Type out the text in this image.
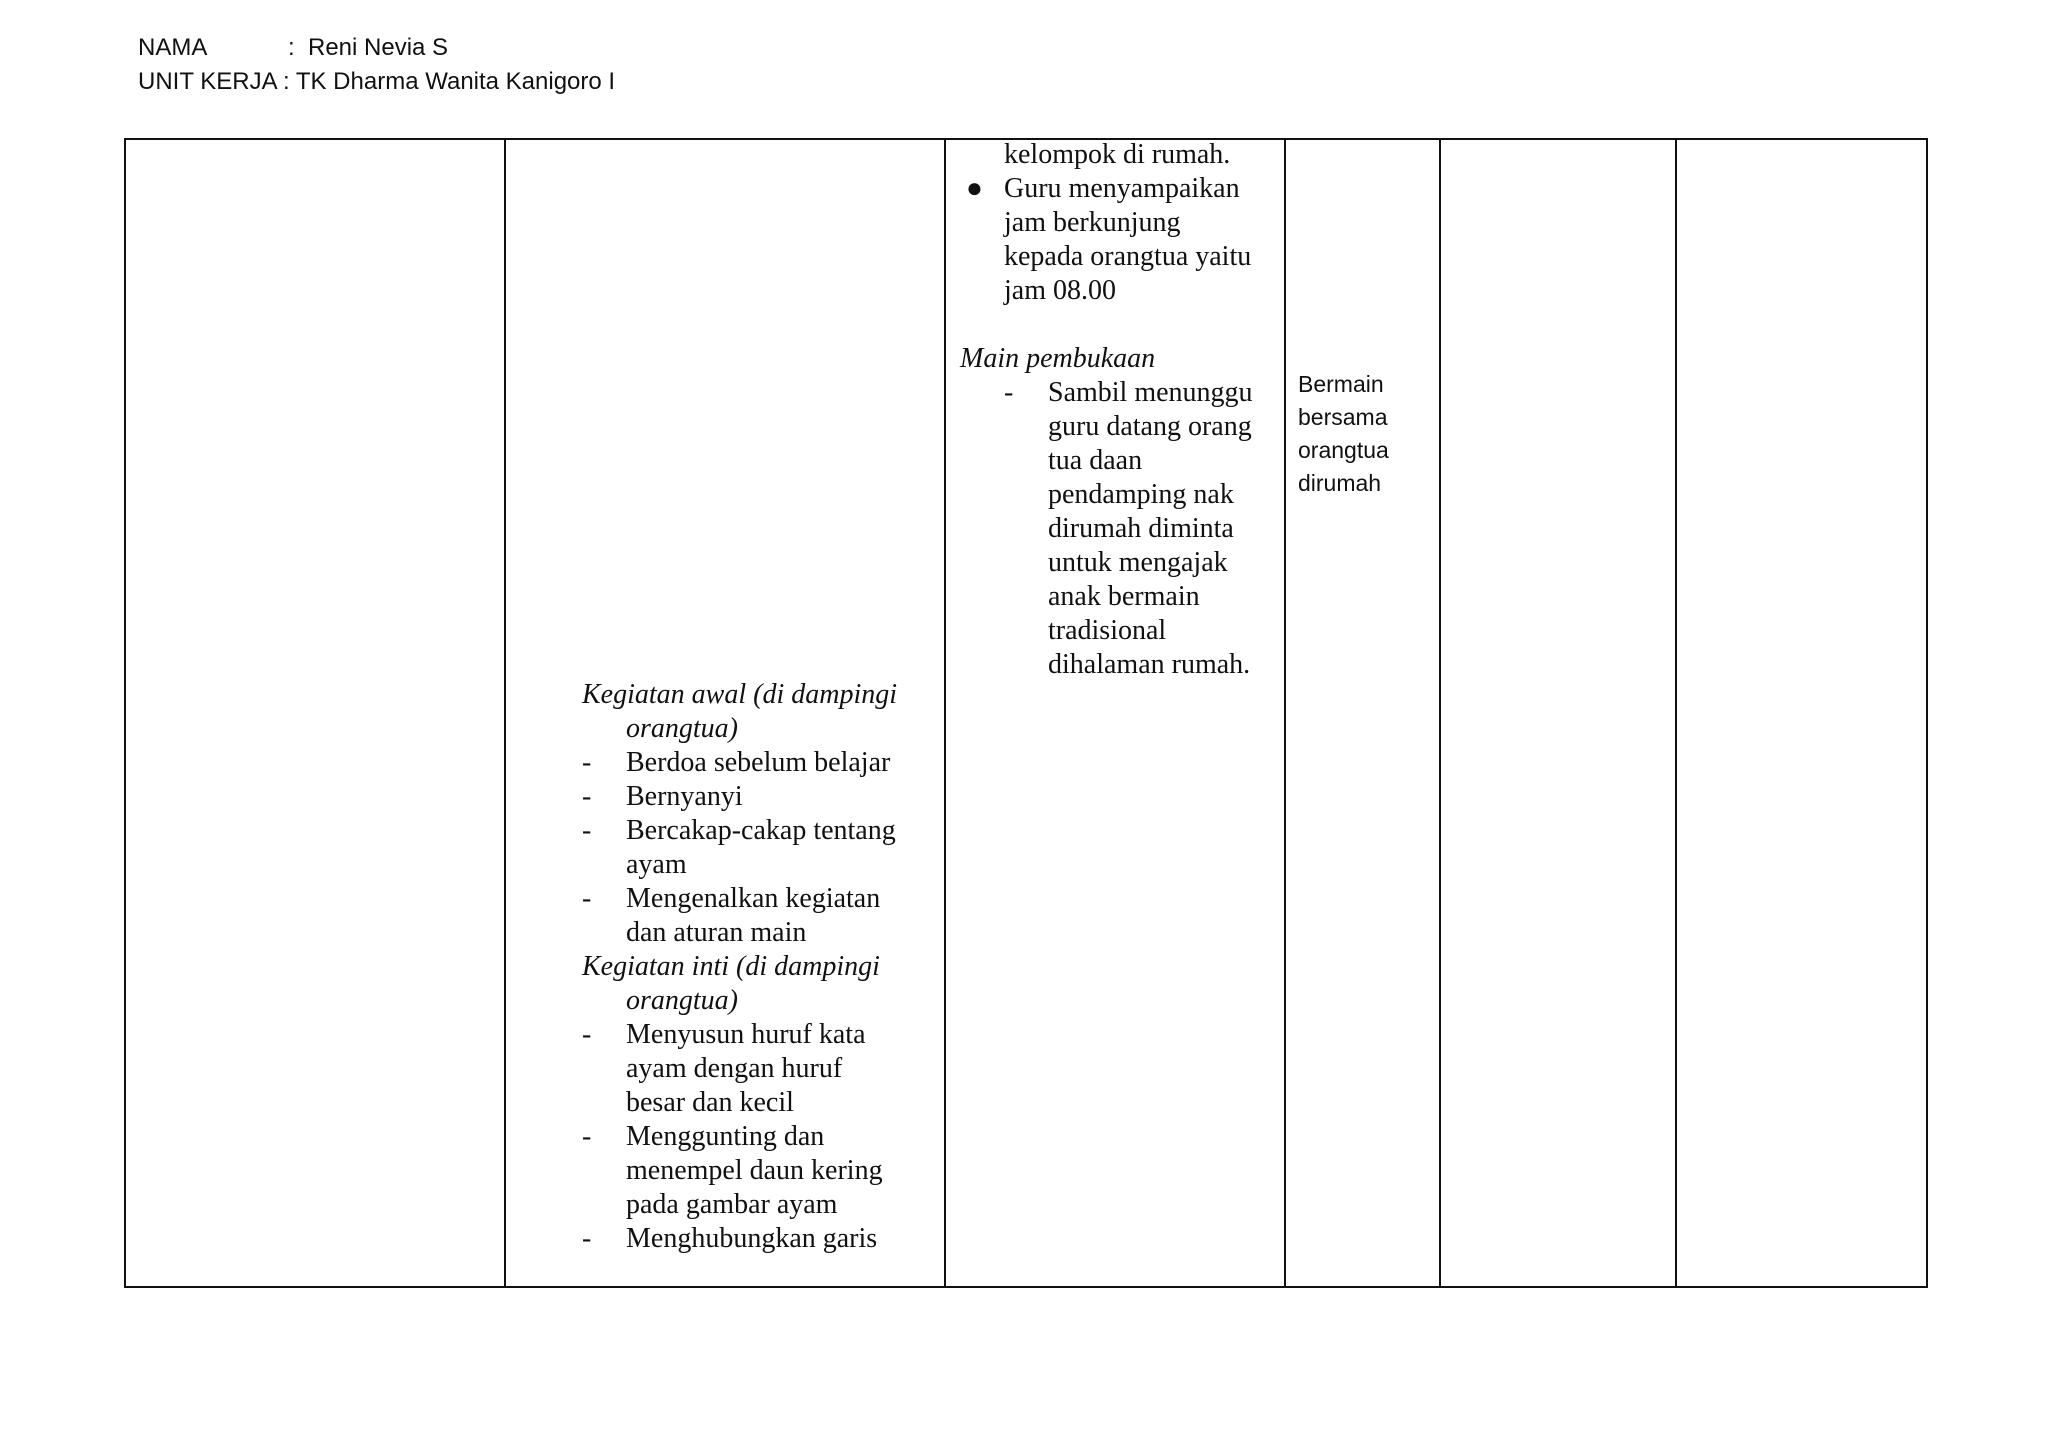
NAMA	:  Reni Nevia S
UNIT KERJA : TK Dharma Wanita Kanigoro I
kelompok di rumah.
● Guru menyampaikan
jam berkunjung
kepada orangtua yaitu
jam 08.00
Main pembukaan
- Sambil menunggu
guru datang orang
tua daan
pendamping nak
dirumah diminta
untuk mengajak
anak bermain
tradisional
dihalaman rumah.
Kegiatan awal (di dampingi
orangtua)
- Berdoa sebelum belajar
- Bernyanyi
- Bercakap-cakap tentang
ayam
- Mengenalkan kegiatan
dan aturan main
Kegiatan inti (di dampingi
orangtua)
- Menyusun huruf kata
ayam dengan huruf
besar dan kecil
- Menggunting dan
menempel daun kering
pada gambar ayam
- Menghubungkan garis
Bermain
bersama
orangtua
dirumah
